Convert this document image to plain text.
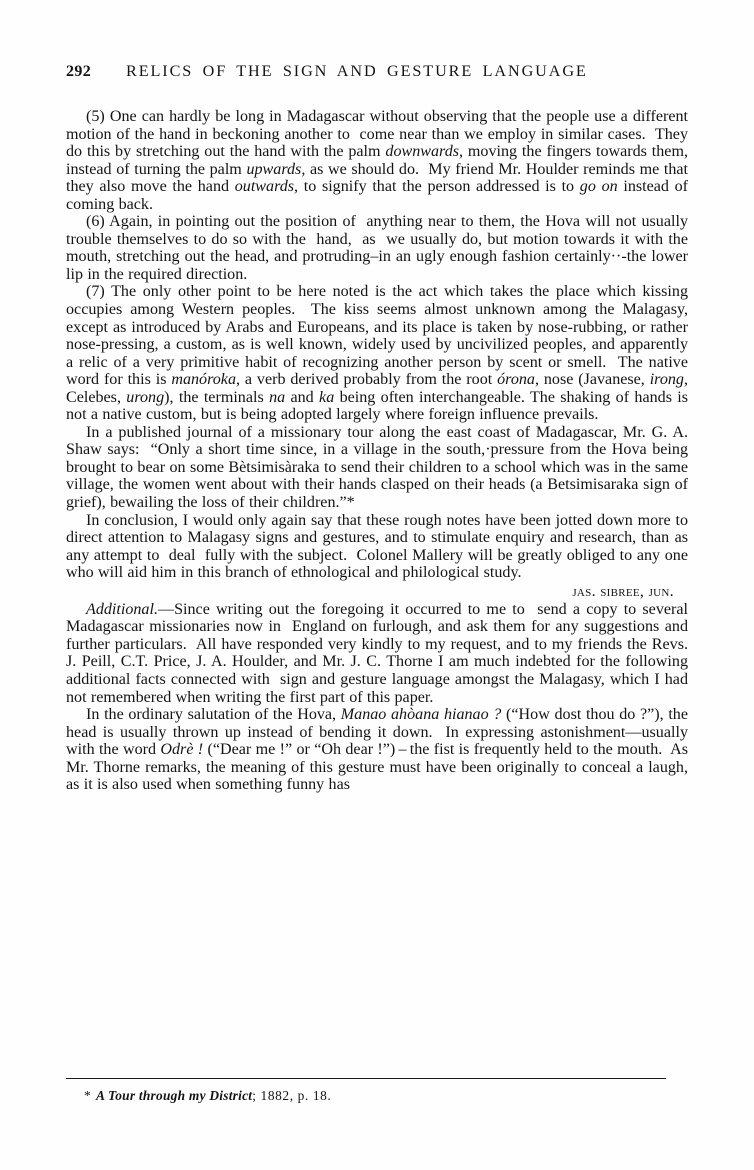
292	RELICS OF THE SIGN AND GESTURE LANGUAGE

(5) One can hardly be long in Madagascar without observing that the people use a different motion of the hand in beckoning another to  come near than we employ in similar cases.  They do this by stretching out the hand with the palm downwards, moving the fingers towards them, instead of turning the palm upwards, as we should do.  My friend Mr. Houlder reminds me that they also move the hand outwards, to signify that the person addressed is to go on instead of coming back.

(6) Again, in pointing out the position of  anything near to them, the Hova will not usually trouble themselves to do so with the  hand,  as  we usually do, but motion towards it with the mouth, stretching out the head, and protruding–in an ugly enough fashion certainly··-the lower lip in the required direction.

(7) The only other point to be here noted is the act which takes the place which kissing occupies among Western peoples.  The kiss seems almost unknown among the Malagasy, except as introduced by Arabs and Europeans, and its place is taken by nose-rubbing, or rather nose-pressing, a custom, as is well known, widely used by uncivilized peoples, and apparently a relic of a very primitive habit of recognizing another person by scent or smell.  The native word for this is manóroka, a verb derived probably from the root órona, nose (Javanese, irong, Celebes, urong), the terminals na and ka being often interchangeable. The shaking of hands is not a native custom, but is being adopted largely where foreign influence prevails.

In a published journal of a missionary tour along the east coast of Madagascar, Mr. G. A. Shaw says:  “Only a short time since, in a village in the south,·pressure from the Hova being brought to bear on some Bètsimisàraka to send their children to a school which was in the same village, the women went about with their hands clasped on their heads (a Betsimisaraka sign of grief), bewailing the loss of their children.”*

In conclusion, I would only again say that these rough notes have been jotted down more to direct attention to Malagasy signs and gestures, and to stimulate enquiry and research, than as any attempt to  deal  fully with the subject.  Colonel Mallery will be greatly obliged to any one who will aid him in this branch of ethnological and philological study.

jas. sibree, jun.

Additional.—Since writing out the foregoing it occurred to me to  send a copy to several Madagascar missionaries now in  England on furlough, and ask them for any suggestions and further particulars.  All have responded very kindly to my request, and to my friends the Revs. J. Peill, C.T. Price, J. A. Houlder, and Mr. J. C. Thorne I am much indebted for the following additional facts connected with  sign and gesture language amongst the Malagasy, which I had not remembered when writing the first part of this paper.

In the ordinary salutation of the Hova, Manao ahòana hianao ? (“How dost thou do ?”), the head is usually thrown up instead of bending it down.  In expressing astonishment—usually with the word Odrè ! (“Dear me !” or “Oh dear !”) – the fist is frequently held to the mouth.  As Mr. Thorne remarks, the meaning of this gesture must have been originally to conceal a laugh, as it is also used when something funny has

* A Tour through my District; 1882, p. 18.
